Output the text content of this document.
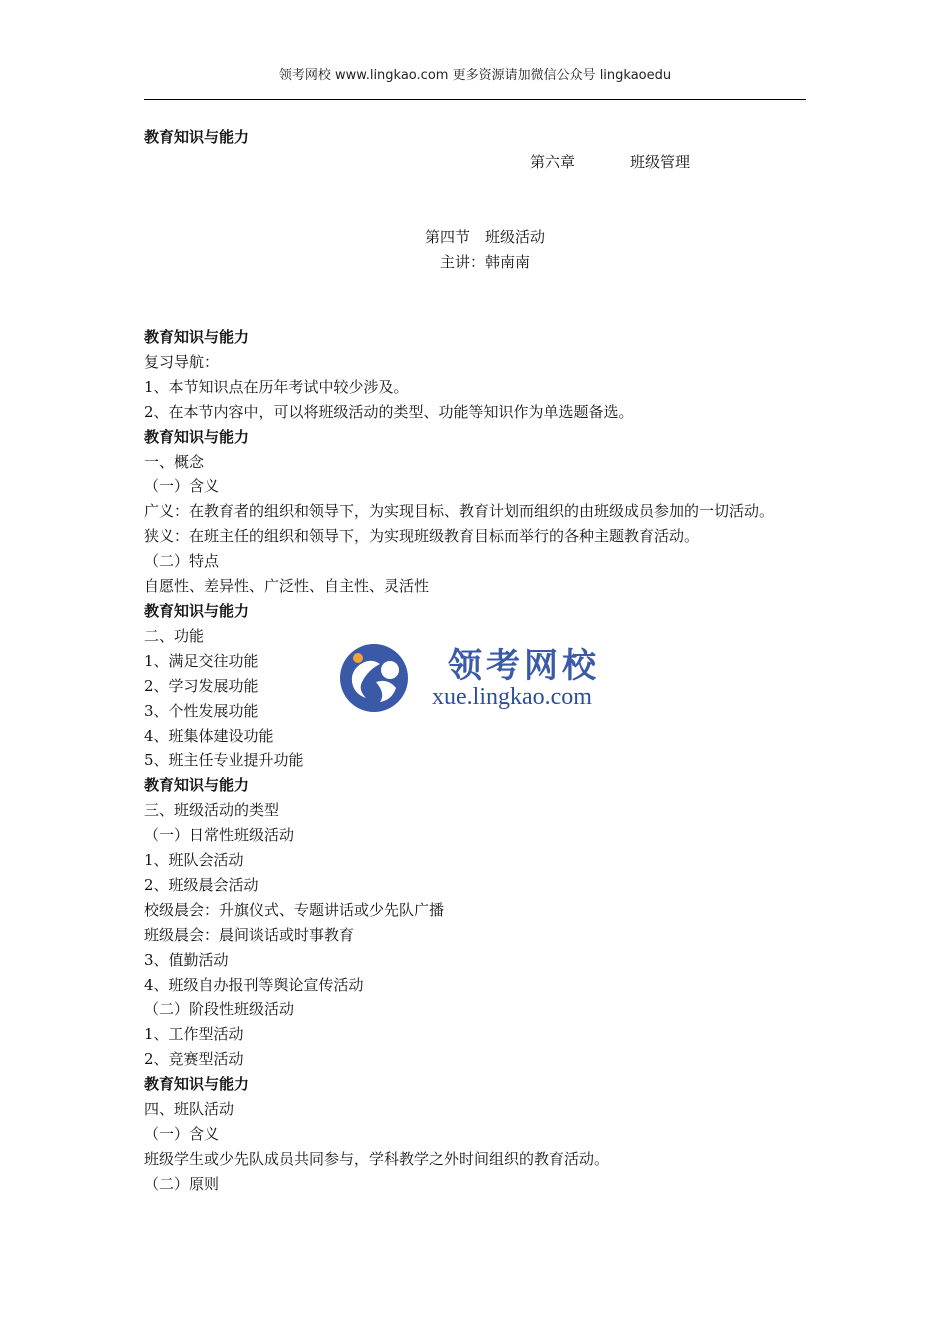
领考网校 www.lingkao.com 更多资源请加微信公众号 lingkaoedu
教育知识与能力
第六章	班级管理
第四节　班级活动
主讲：韩南南
教育知识与能力
复习导航：
1、本节知识点在历年考试中较少涉及。
2、在本节内容中，可以将班级活动的类型、功能等知识作为单选题备选。
教育知识与能力
一、概念
（一）含义
广义：在教育者的组织和领导下，为实现目标、教育计划而组织的由班级成员参加的一切活动。
狭义：在班主任的组织和领导下，为实现班级教育目标而举行的各种主题教育活动。
（二）特点
自愿性、差异性、广泛性、自主性、灵活性
教育知识与能力
二、功能
1、满足交往功能
2、学习发展功能
3、个性发展功能
4、班集体建设功能
5、班主任专业提升功能
教育知识与能力
三、班级活动的类型
（一）日常性班级活动
1、班队会活动
2、班级晨会活动
校级晨会：升旗仪式、专题讲话或少先队广播
班级晨会：晨间谈话或时事教育
3、值勤活动
4、班级自办报刊等舆论宣传活动
（二）阶段性班级活动
1、工作型活动
2、竞赛型活动
教育知识与能力
四、班队活动
（一）含义
班级学生或少先队成员共同参与，学科教学之外时间组织的教育活动。
（二）原则
领考网校
xue.lingkao.com
